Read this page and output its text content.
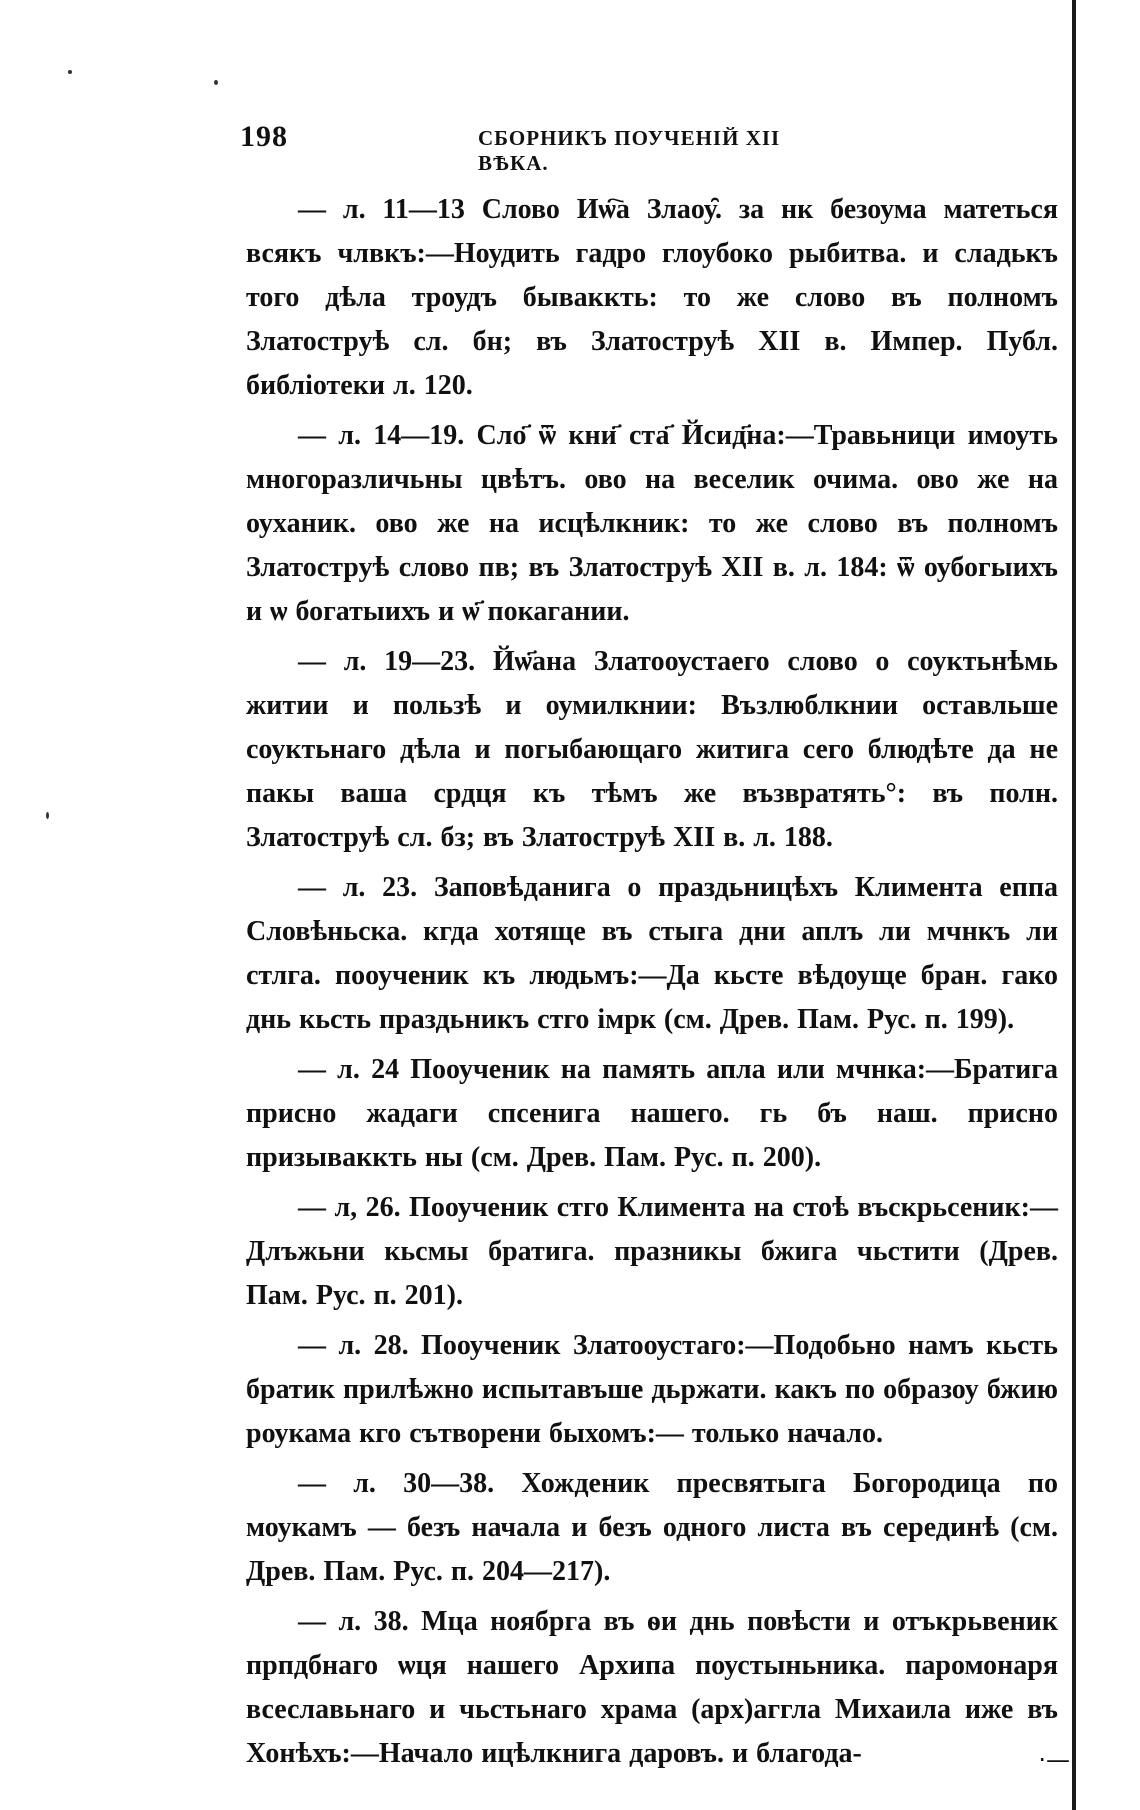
198	СБОРНИКЪ ПОУЧЕНІЙ XII ВѢКА.

— л. 11—13 Слово Иѡ҇а Злаоу̑. за нк безоума матеться всякъ члвкъ:—Ноудить гадро глоубоко рыбитва. и сладькъ того дѣла троудъ бываккть: то же слово въ полномъ Златоструѣ сл. бн; въ Златоструѣ XII в. Импер. Публ. библіотеки л. 120.

— л. 14—19. Сло҃ ѿ кни҃ ста҃ Йсид҃на:—Травьници имоуть многоразличьны цвѣтъ. ово на веселик очима. ово же на оуханик. ово же на исцѣлкник: то же слово въ полномъ Златоструѣ слово пв; въ Златоструѣ XII в. л. 184: ѿ оубогыихъ и ѡ богатыихъ и ѡ҃ покагании.

— л. 19—23. Йѡ҃ана Златооустаего слово о соуктьнѣмь житии и пользѣ и оумилкнии: Възлюблкнии оставльше соуктьнаго дѣла и погыбающаго житига сего блюдѣте да не пакы ваша срдця къ тѣмъ же възвратять°: въ полн. Златоструѣ сл. бз; въ Златоструѣ XII в. л. 188.

— л. 23. Заповѣданига о праздьницѣхъ Климента еппа Словѣньска. кгда хотяще въ стыга дни аплъ ли мчнкъ ли стлга. пооученик къ людьмъ:—Да кьсте вѣдоуще бран. гако днь кьсть праздьникъ стго імрк (см. Древ. Пам. Рус. п. 199).

— л. 24 Пооученик на память апла или мчнка:—Братига присно жадаги спсенига нашего. гь бъ наш. присно призываккть ны (см. Древ. Пам. Рус. п. 200).

— л, 26. Пооученик стго Климента на стоѣ въскрьсеник:—Длъжьни кьсмы братига. празникы бжига чьстити (Древ. Пам. Рус. п. 201).

— л. 28. Пооученик Златооустаго:—Подобьно намъ кьсть братик прилѣжно испытавъше дьржати. какъ по образоу бжию роукама кго сътворени быхомъ:— только начало.

— л. 30—38. Хожденик пресвятыга Богородица по моукамъ — безъ начала и безъ одного листа въ серединѣ (см. Древ. Пам. Рус. п. 204—217).

— л. 38. Мца ноябрга въ ѳи днь повѣсти и отъкрьвеник прпдбнаго ѡця нашего Архипа поустыньника. паромонаря всеславьнаго и чьстьнаго храма (арх)аггла Михаила иже въ Хонѣхъ:—Начало ицѣлкнига даровъ. и благода-	·—
